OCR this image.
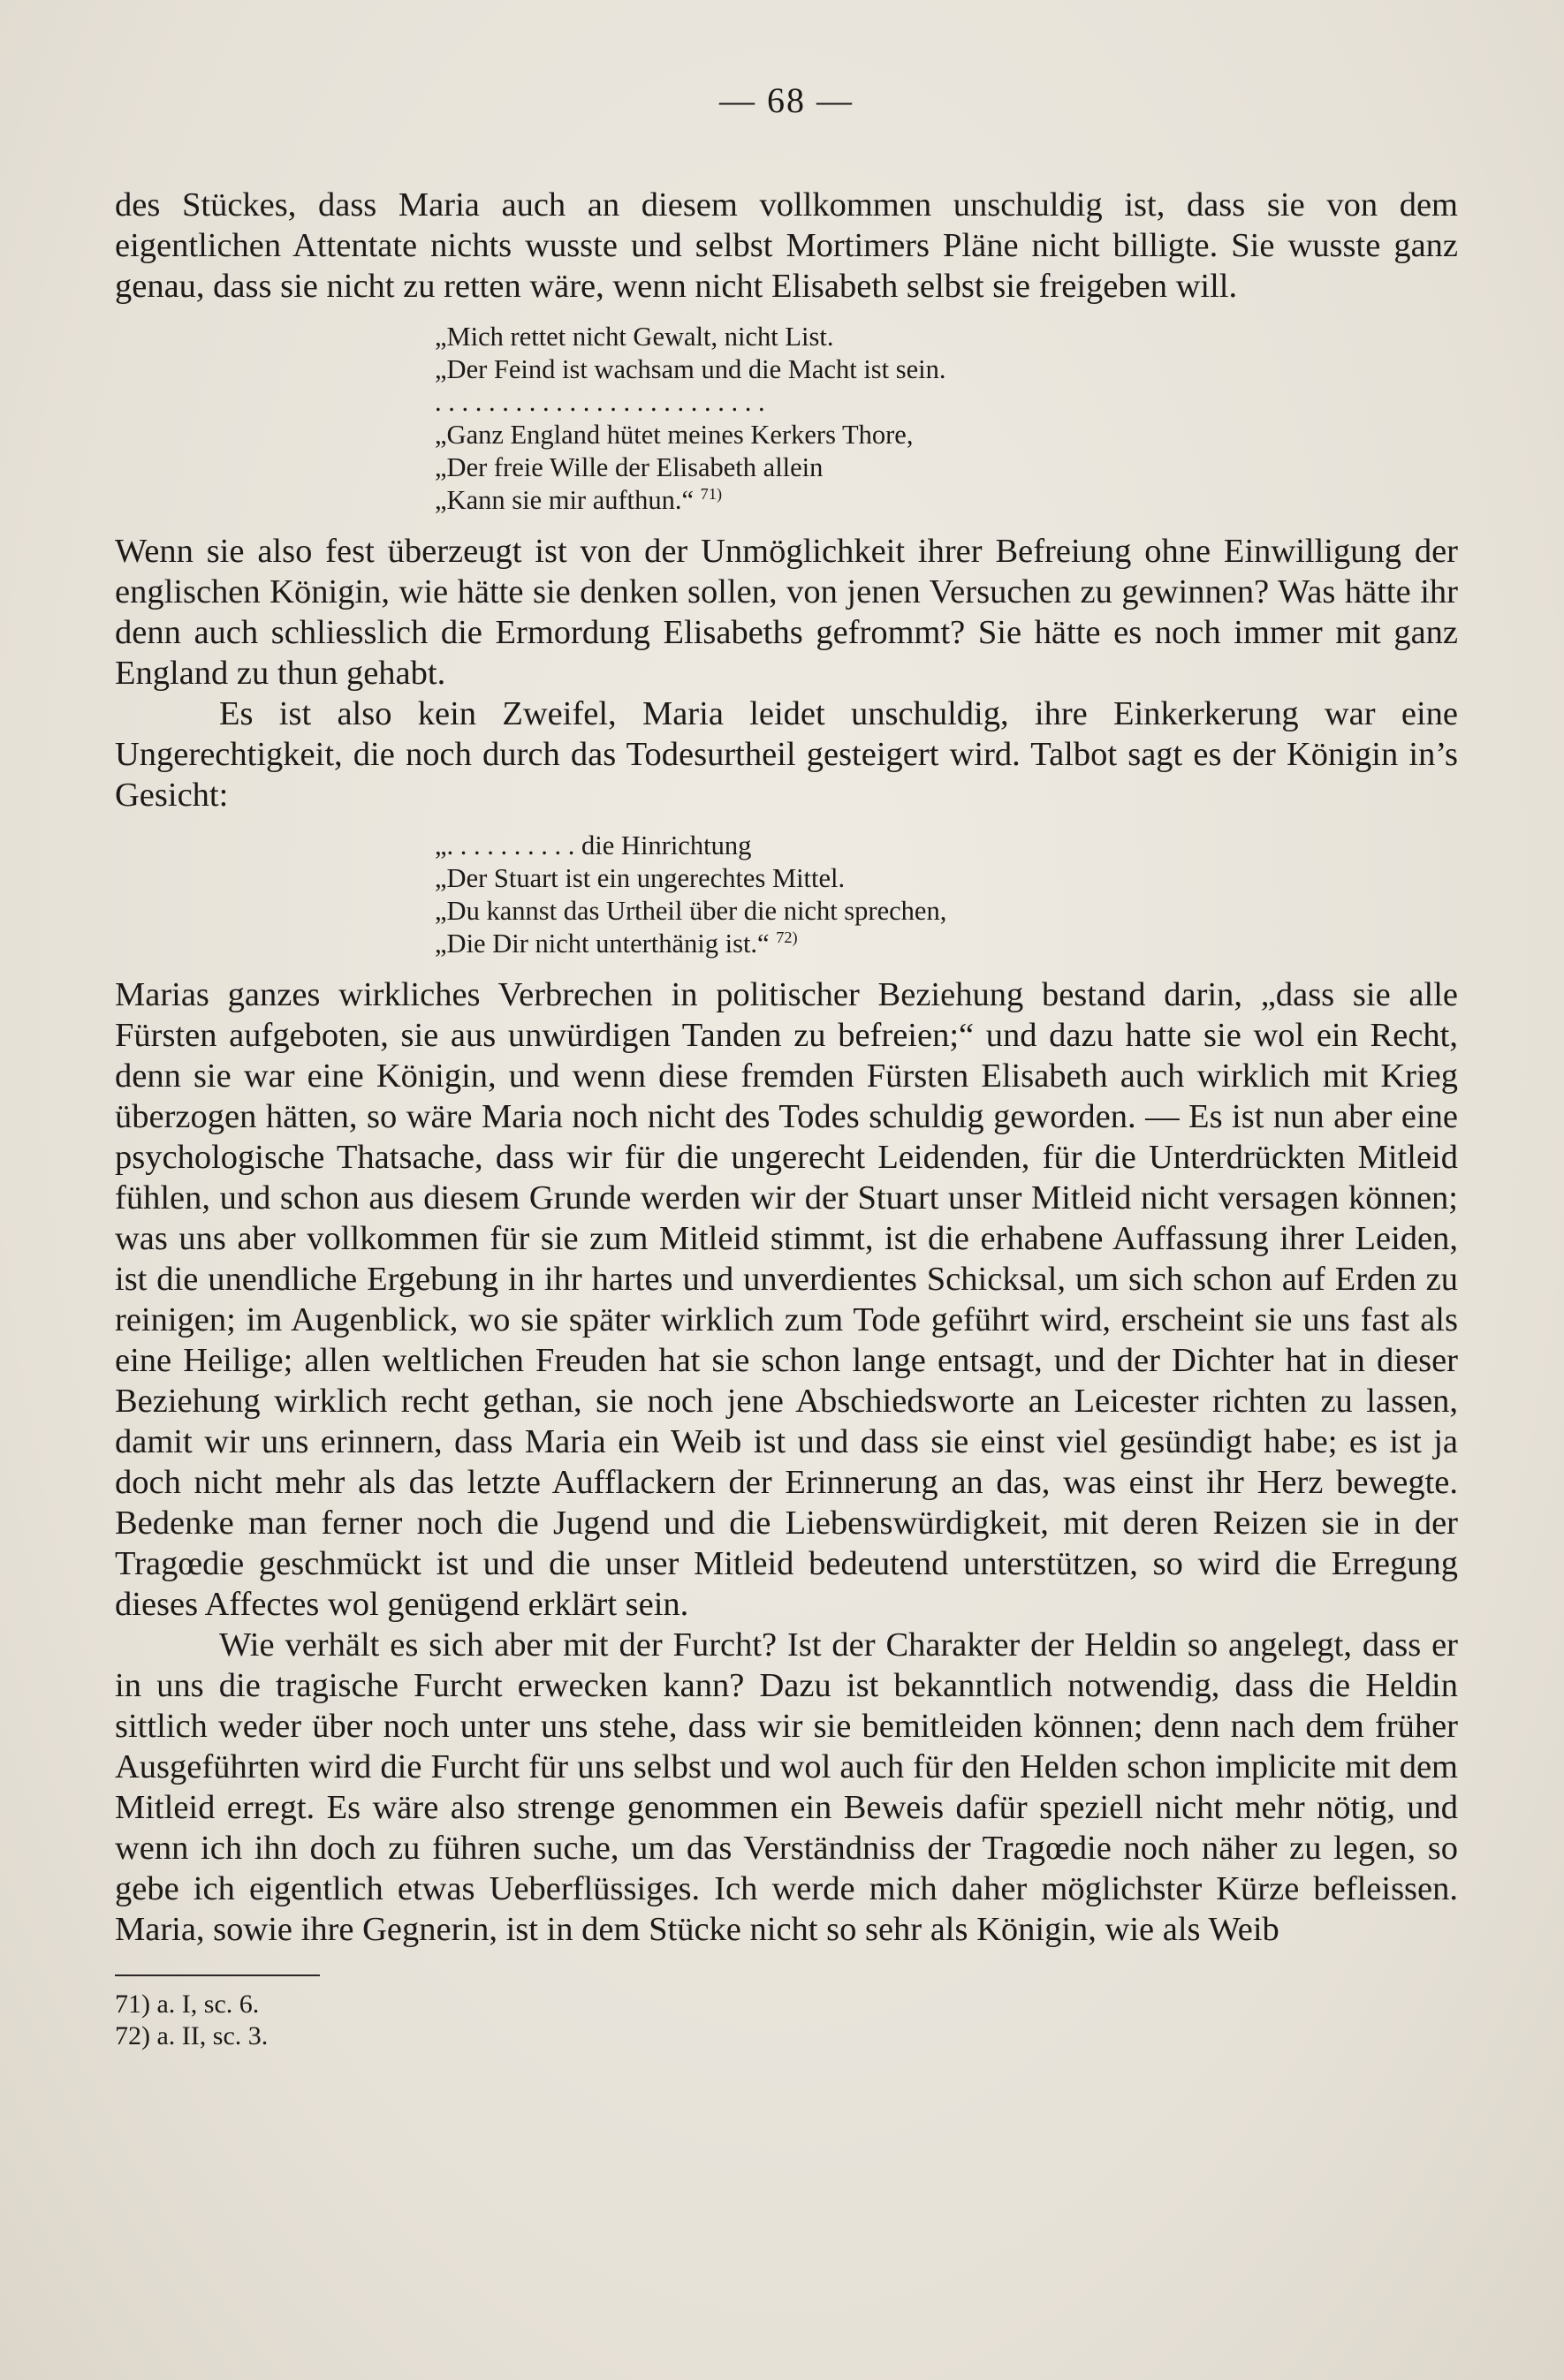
— 68 —

des Stückes, dass Maria auch an diesem vollkommen unschuldig ist, dass sie von dem eigentlichen Attentate nichts wusste und selbst Mortimers Pläne nicht billigte. Sie wusste ganz genau, dass sie nicht zu retten wäre, wenn nicht Elisabeth selbst sie freigeben will.

„Mich rettet nicht Gewalt, nicht List.
„Der Feind ist wachsam und die Macht ist sein.
. . . . . . . . . . . . . . . . . . . . . . . . .
„Ganz England hütet meines Kerkers Thore,
„Der freie Wille der Elisabeth allein
„Kann sie mir aufthun.“ $^{71)}$

Wenn sie also fest überzeugt ist von der Unmöglichkeit ihrer Befreiung ohne Einwilligung der englischen Königin, wie hätte sie denken sollen, von jenen Versuchen zu gewinnen? Was hätte ihr denn auch schliesslich die Ermordung Elisabeths gefrommt? Sie hätte es noch immer mit ganz England zu thun gehabt.

Es ist also kein Zweifel, Maria leidet unschuldig, ihre Einkerkerung war eine Ungerechtigkeit, die noch durch das Todesurtheil gesteigert wird. Talbot sagt es der Königin in’s Gesicht:

„. . . . . . . . . . die Hinrichtung
„Der Stuart ist ein ungerechtes Mittel.
„Du kannst das Urtheil über die nicht sprechen,
„Die Dir nicht unterthänig ist.“ $^{72)}$

Marias ganzes wirkliches Verbrechen in politischer Beziehung bestand darin, „dass sie alle Fürsten aufgeboten, sie aus unwürdigen Tanden zu befreien;“ und dazu hatte sie wol ein Recht, denn sie war eine Königin, und wenn diese fremden Fürsten Elisabeth auch wirklich mit Krieg überzogen hätten, so wäre Maria noch nicht des Todes schuldig geworden. — Es ist nun aber eine psychologische Thatsache, dass wir für die ungerecht Leidenden, für die Unterdrückten Mitleid fühlen, und schon aus diesem Grunde werden wir der Stuart unser Mitleid nicht versagen können; was uns aber vollkommen für sie zum Mitleid stimmt, ist die erhabene Auffassung ihrer Leiden, ist die unendliche Ergebung in ihr hartes und unverdientes Schicksal, um sich schon auf Erden zu reinigen; im Augenblick, wo sie später wirklich zum Tode geführt wird, erscheint sie uns fast als eine Heilige; allen weltlichen Freuden hat sie schon lange entsagt, und der Dichter hat in dieser Beziehung wirklich recht gethan, sie noch jene Abschiedsworte an Leicester richten zu lassen, damit wir uns erinnern, dass Maria ein Weib ist und dass sie einst viel gesündigt habe; es ist ja doch nicht mehr als das letzte Aufflackern der Erinnerung an das, was einst ihr Herz bewegte. Bedenke man ferner noch die Jugend und die Liebenswürdigkeit, mit deren Reizen sie in der Tragœdie geschmückt ist und die unser Mitleid bedeutend unterstützen, so wird die Erregung dieses Affectes wol genügend erklärt sein.

Wie verhält es sich aber mit der Furcht? Ist der Charakter der Heldin so angelegt, dass er in uns die tragische Furcht erwecken kann? Dazu ist bekanntlich notwendig, dass die Heldin sittlich weder über noch unter uns stehe, dass wir sie bemitleiden können; denn nach dem früher Ausgeführten wird die Furcht für uns selbst und wol auch für den Helden schon implicite mit dem Mitleid erregt. Es wäre also strenge genommen ein Beweis dafür speziell nicht mehr nötig, und wenn ich ihn doch zu führen suche, um das Verständniss der Tragœdie noch näher zu legen, so gebe ich eigentlich etwas Ueberflüssiges. Ich werde mich daher möglichster Kürze befleissen. Maria, sowie ihre Gegnerin, ist in dem Stücke nicht so sehr als Königin, wie als Weib

71) a. I, sc. 6.
72) a. II, sc. 3.
